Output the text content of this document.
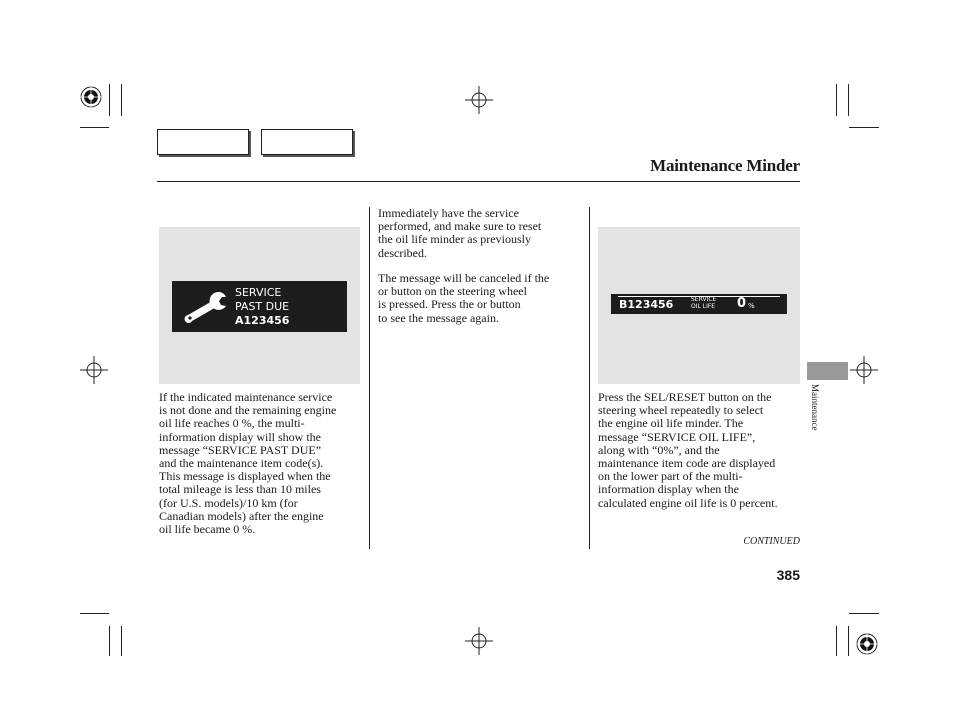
Maintenance Minder
SERVICE
PAST DUE
A123456
B123456	SERVICE
OIL LIFE 0 %
If the indicated maintenance service
is not done and the remaining engine
oil life reaches 0 %, the multi-
information display will show the
message “SERVICE PAST DUE”
and the maintenance item code(s).
This message is displayed when the
total mileage is less than 10 miles
(for U.S. models)/10 km (for
Canadian models) after the engine
oil life became 0 %.
Immediately have the service
performed, and make sure to reset
the oil life minder as previously
described.
The message will be canceled if the
or button on the steering wheel
is pressed. Press the or button
to see the message again.
Press the SEL/RESET button on the
steering wheel repeatedly to select
the engine oil life minder. The
message “SERVICE OIL LIFE”,
along with “0%”, and the
maintenance item code are displayed
on the lower part of the multi-
information display when the
calculated engine oil life is 0 percent.
Maintenance
CONTINUED
385
